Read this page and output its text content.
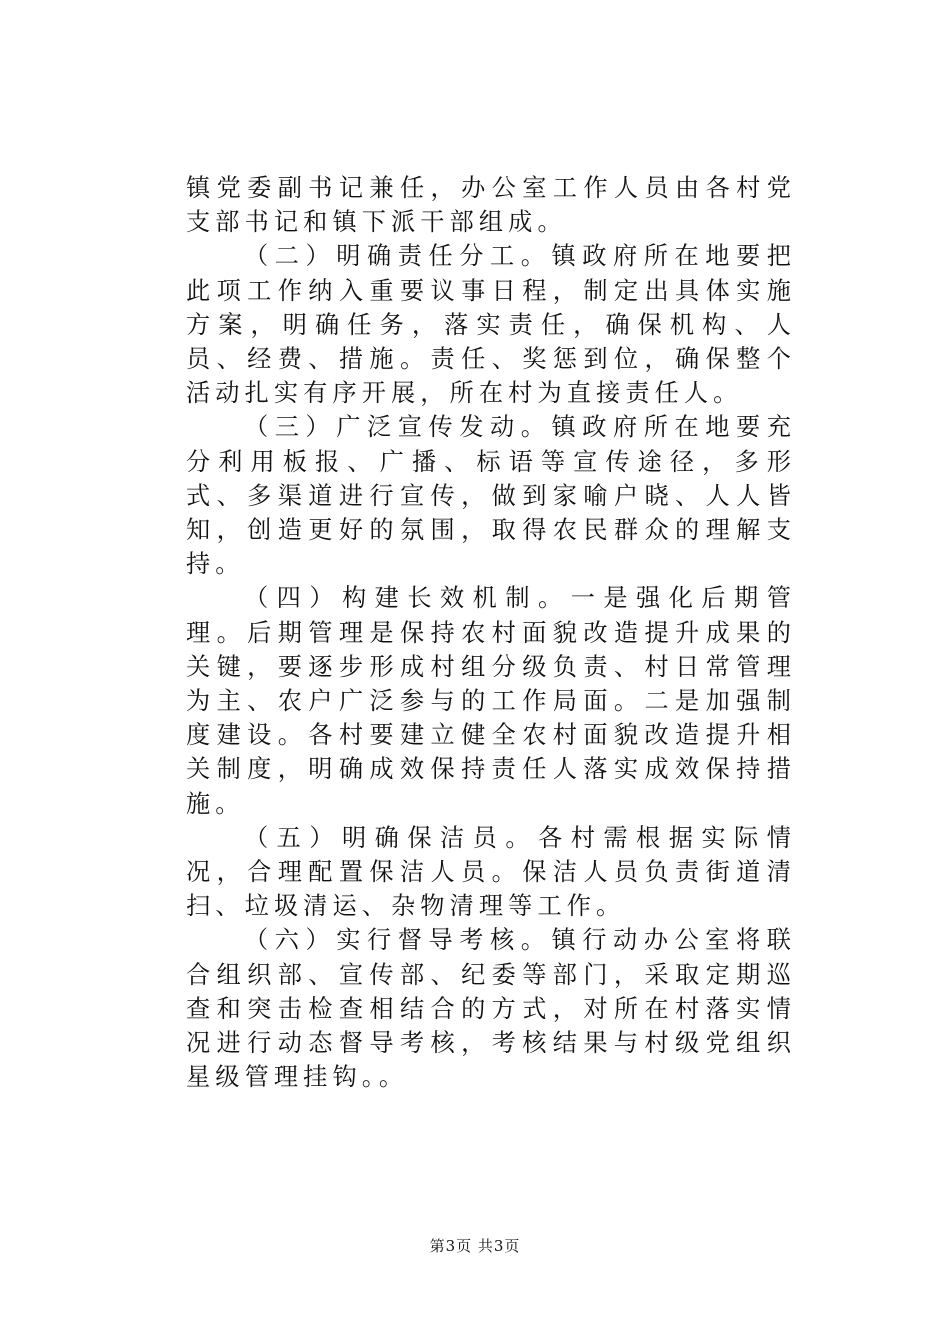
镇党委副书记兼任，办公室工作人员由各村党支部书记和镇下派干部组成。

（二）明确责任分工。镇政府所在地要把此项工作纳入重要议事日程，制定出具体实施方案，明确任务，落实责任，确保机构、人员、经费、措施。责任、奖惩到位，确保整个活动扎实有序开展，所在村为直接责任人。

（三）广泛宣传发动。镇政府所在地要充分利用板报、广播、标语等宣传途径，多形式、多渠道进行宣传，做到家喻户晓、人人皆知，创造更好的氛围，取得农民群众的理解支持。

（四）构建长效机制。一是强化后期管理。后期管理是保持农村面貌改造提升成果的关键，要逐步形成村组分级负责、村日常管理为主、农户广泛参与的工作局面。二是加强制度建设。各村要建立健全农村面貌改造提升相关制度，明确成效保持责任人落实成效保持措施。

（五）明确保洁员。各村需根据实际情况，合理配置保洁人员。保洁人员负责街道清扫、垃圾清运、杂物清理等工作。

（六）实行督导考核。镇行动办公室将联合组织部、宣传部、纪委等部门，采取定期巡查和突击检查相结合的方式，对所在村落实情况进行动态督导考核，考核结果与村级党组织星级管理挂钩。。

第3页 共3页
